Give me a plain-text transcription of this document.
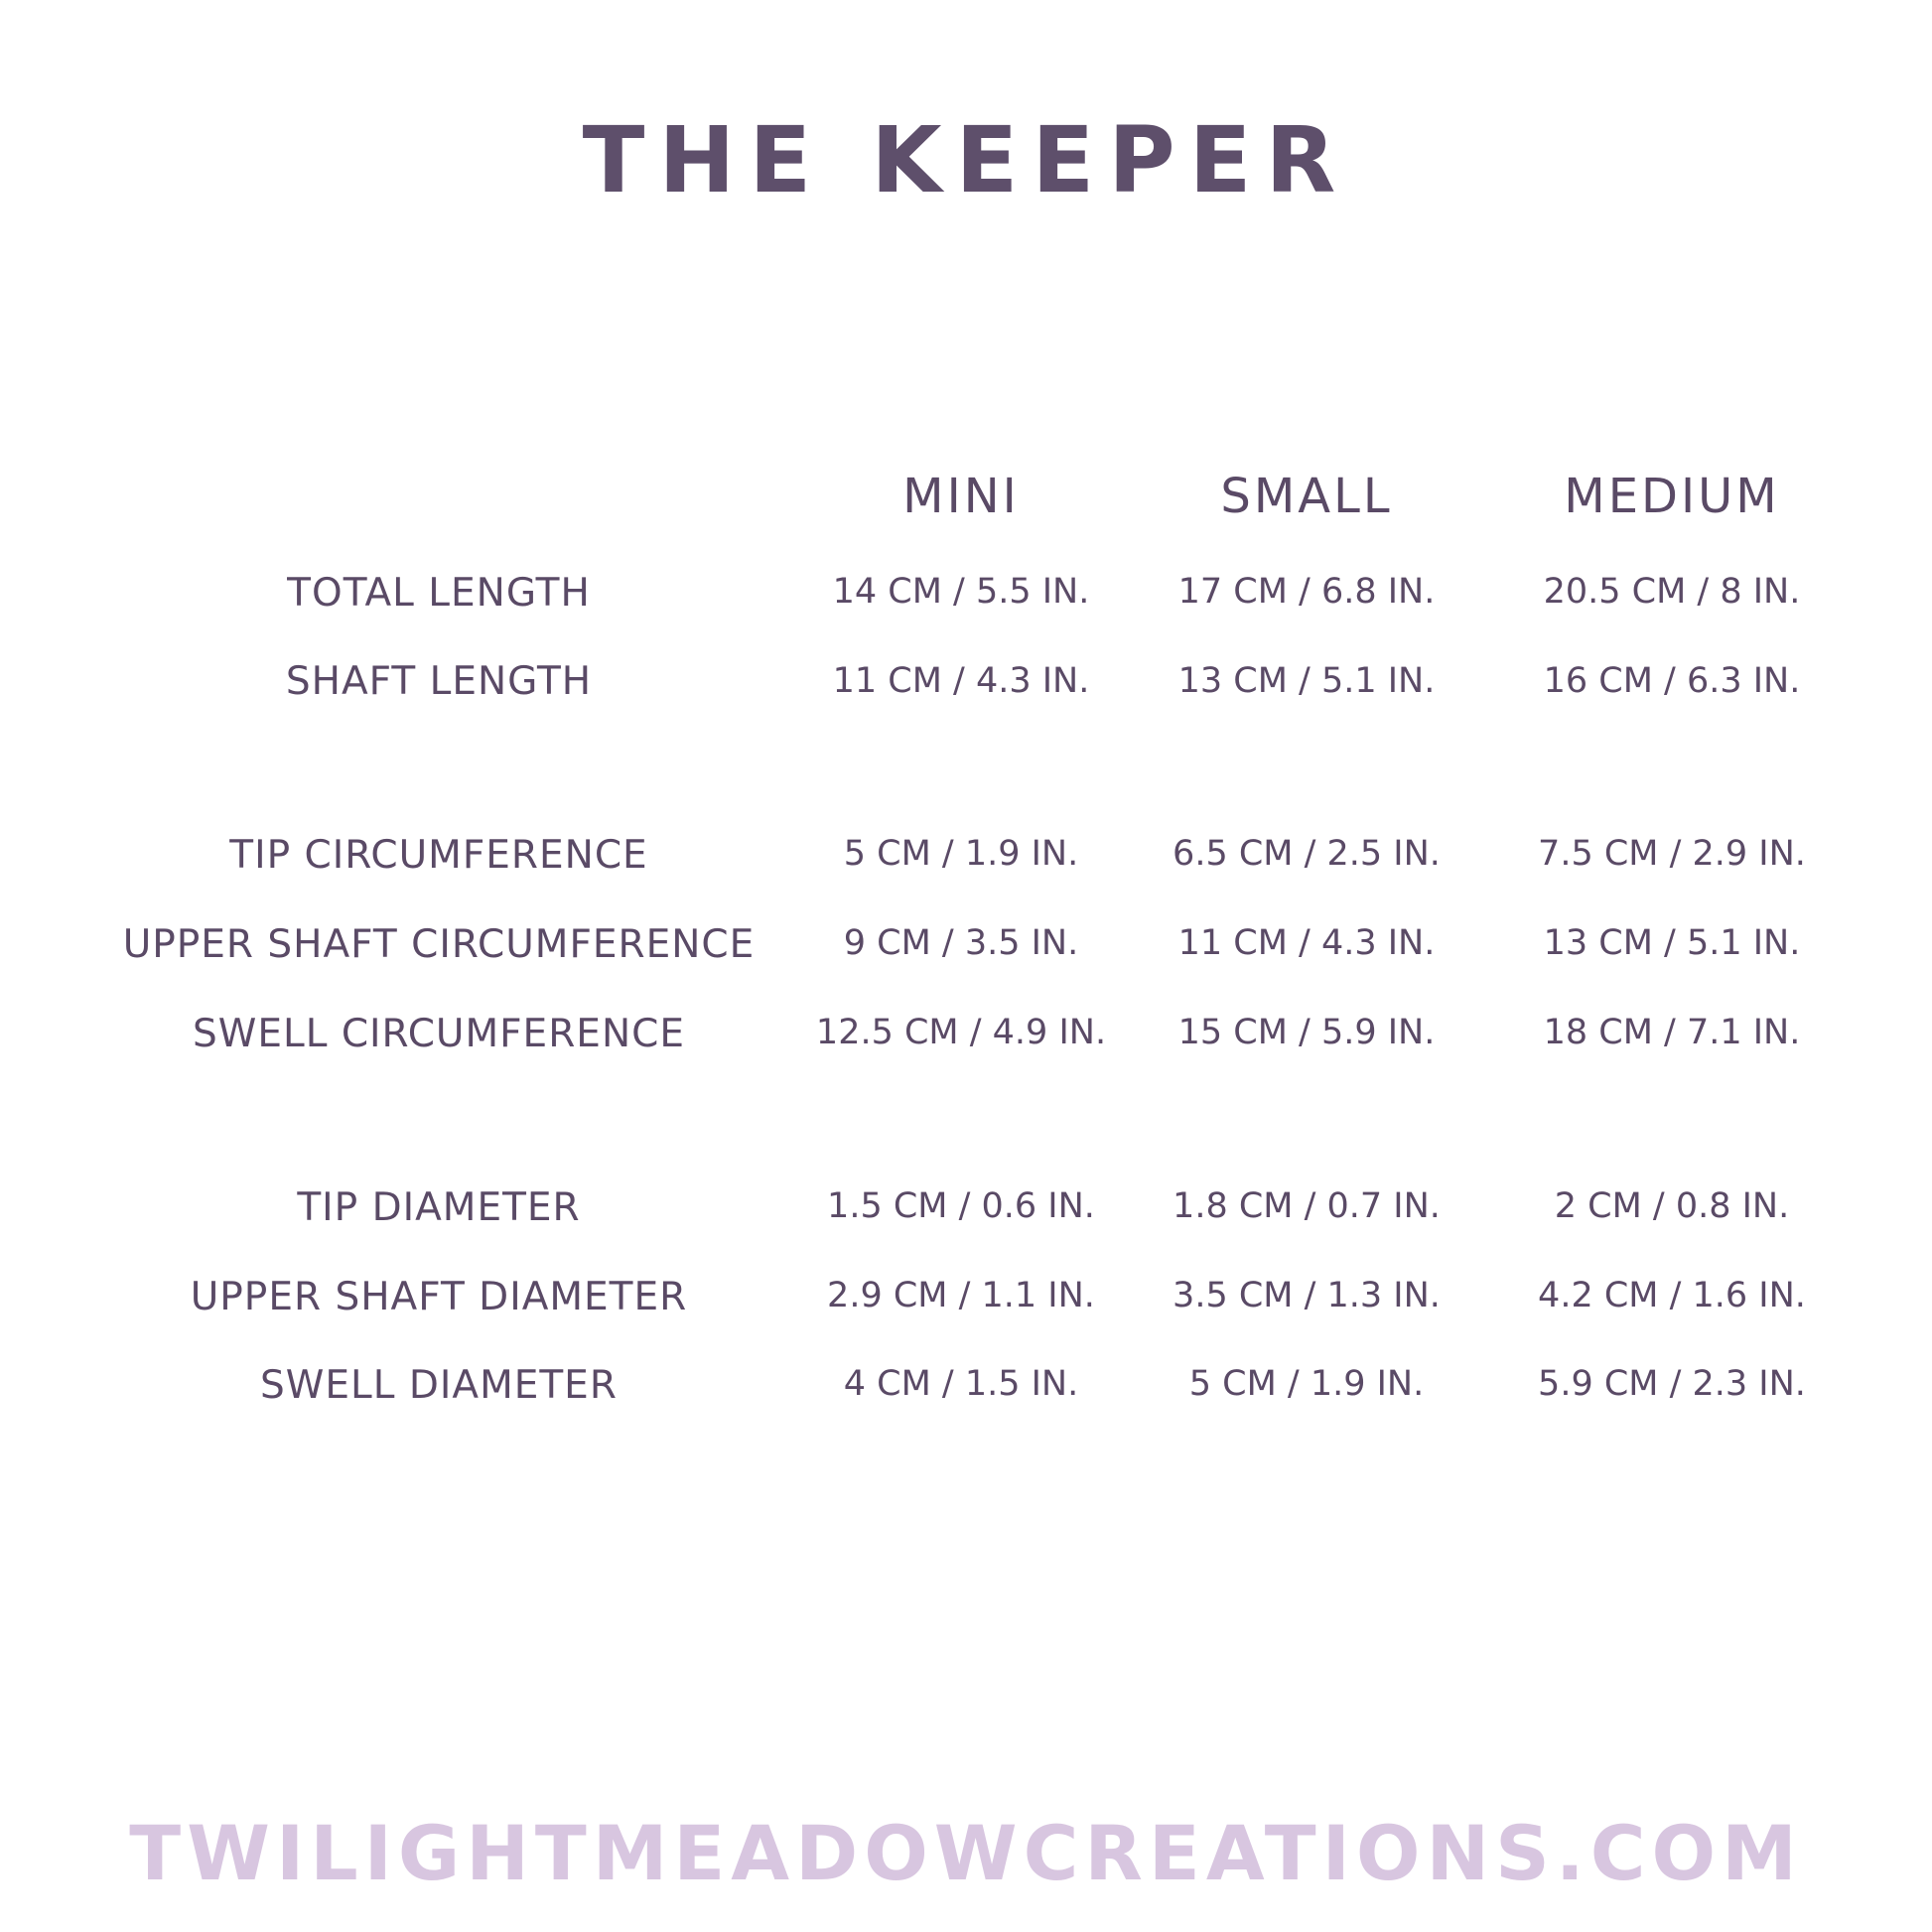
THE KEEPER
MINI	SMALL	MEDIUM
TOTAL LENGTH	14 CM / 5.5 IN.	17 CM / 6.8 IN.	20.5 CM / 8 IN.
SHAFT LENGTH	11 CM / 4.3 IN.	13 CM / 5.1 IN.	16 CM / 6.3 IN.
TIP CIRCUMFERENCE	5 CM / 1.9 IN.	6.5 CM / 2.5 IN.	7.5 CM / 2.9 IN.
UPPER SHAFT CIRCUMFERENCE	9 CM / 3.5 IN.	11 CM / 4.3 IN.	13 CM / 5.1 IN.
SWELL CIRCUMFERENCE	12.5 CM / 4.9 IN.	15 CM / 5.9 IN.	18 CM / 7.1 IN.
TIP DIAMETER	1.5 CM / 0.6 IN.	1.8 CM / 0.7 IN.	2 CM / 0.8 IN.
UPPER SHAFT DIAMETER	2.9 CM / 1.1 IN.	3.5 CM / 1.3 IN.	4.2 CM / 1.6 IN.
SWELL DIAMETER	4 CM / 1.5 IN.	5 CM / 1.9 IN.	5.9 CM / 2.3 IN.
TWILIGHTMEADOWCREATIONS.COM
